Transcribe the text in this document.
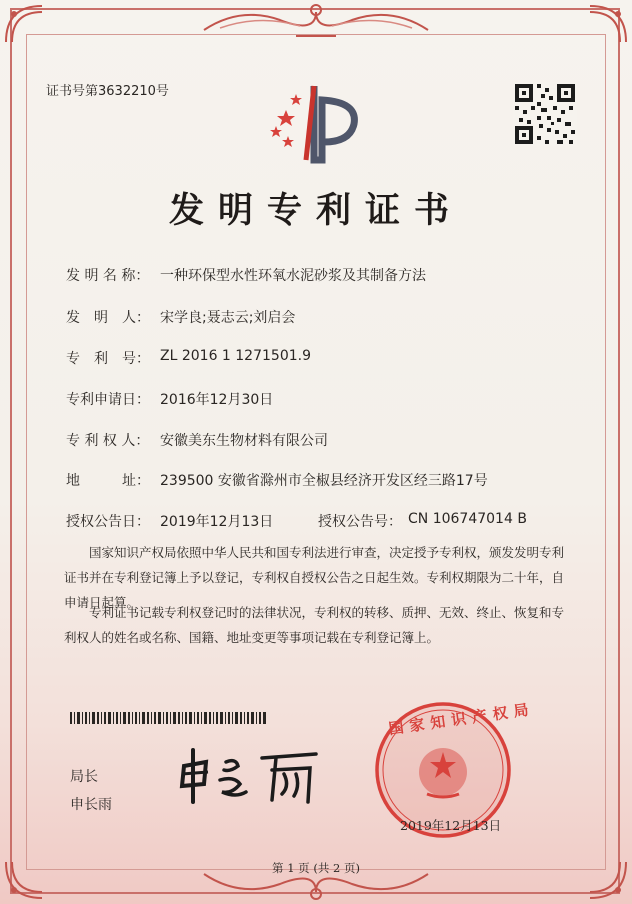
证书号第3632210号
发明专利证书
发 明 名 称： 一种环保型水性环氧水泥砂浆及其制备方法
发　明　人： 宋学良;聂志云;刘启会
专　利　号： ZL 2016 1 1271501.9
专利申请日： 2016年12月30日
专 利 权 人： 安徽美东生物材料有限公司
地　　　址： 239500 安徽省滁州市全椒县经济开发区经三路17号
授权公告日： 2019年12月13日	授权公告号： CN 106747014 B

国家知识产权局依照中华人民共和国专利法进行审查，决定授予专利权，颁发发明专利证书并在专利登记簿上予以登记，专利权自授权公告之日起生效。专利权期限为二十年，自申请日起算。

专利证书记载专利权登记时的法律状况，专利权的转移、质押、无效、终止、恢复和专利权人的姓名或名称、国籍、地址变更等事项记载在专利登记簿上。

局长
申长雨
国家知识产权局
2019年12月13日
第 1 页 (共 2 页)
